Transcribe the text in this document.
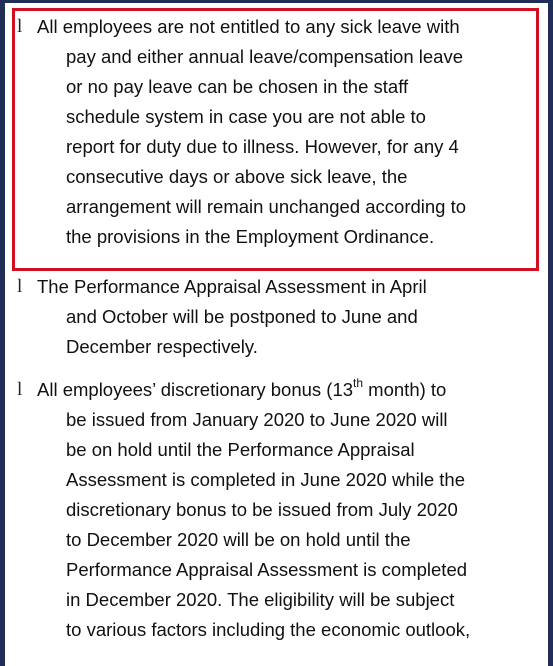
l All employees are not entitled to any sick leave with
pay and either annual leave/compensation leave
or no pay leave can be chosen in the staff
schedule system in case you are not able to
report for duty due to illness. However, for any 4
consecutive days or above sick leave, the
arrangement will remain unchanged according to
the provisions in the Employment Ordinance.
l The Performance Appraisal Assessment in April
and October will be postponed to June and
December respectively.
l All employees’ discretionary bonus (13th month) to
be issued from January 2020 to June 2020 will
be on hold until the Performance Appraisal
Assessment is completed in June 2020 while the
discretionary bonus to be issued from July 2020
to December 2020 will be on hold until the
Performance Appraisal Assessment is completed
in December 2020. The eligibility will be subject
to various factors including the economic outlook,
